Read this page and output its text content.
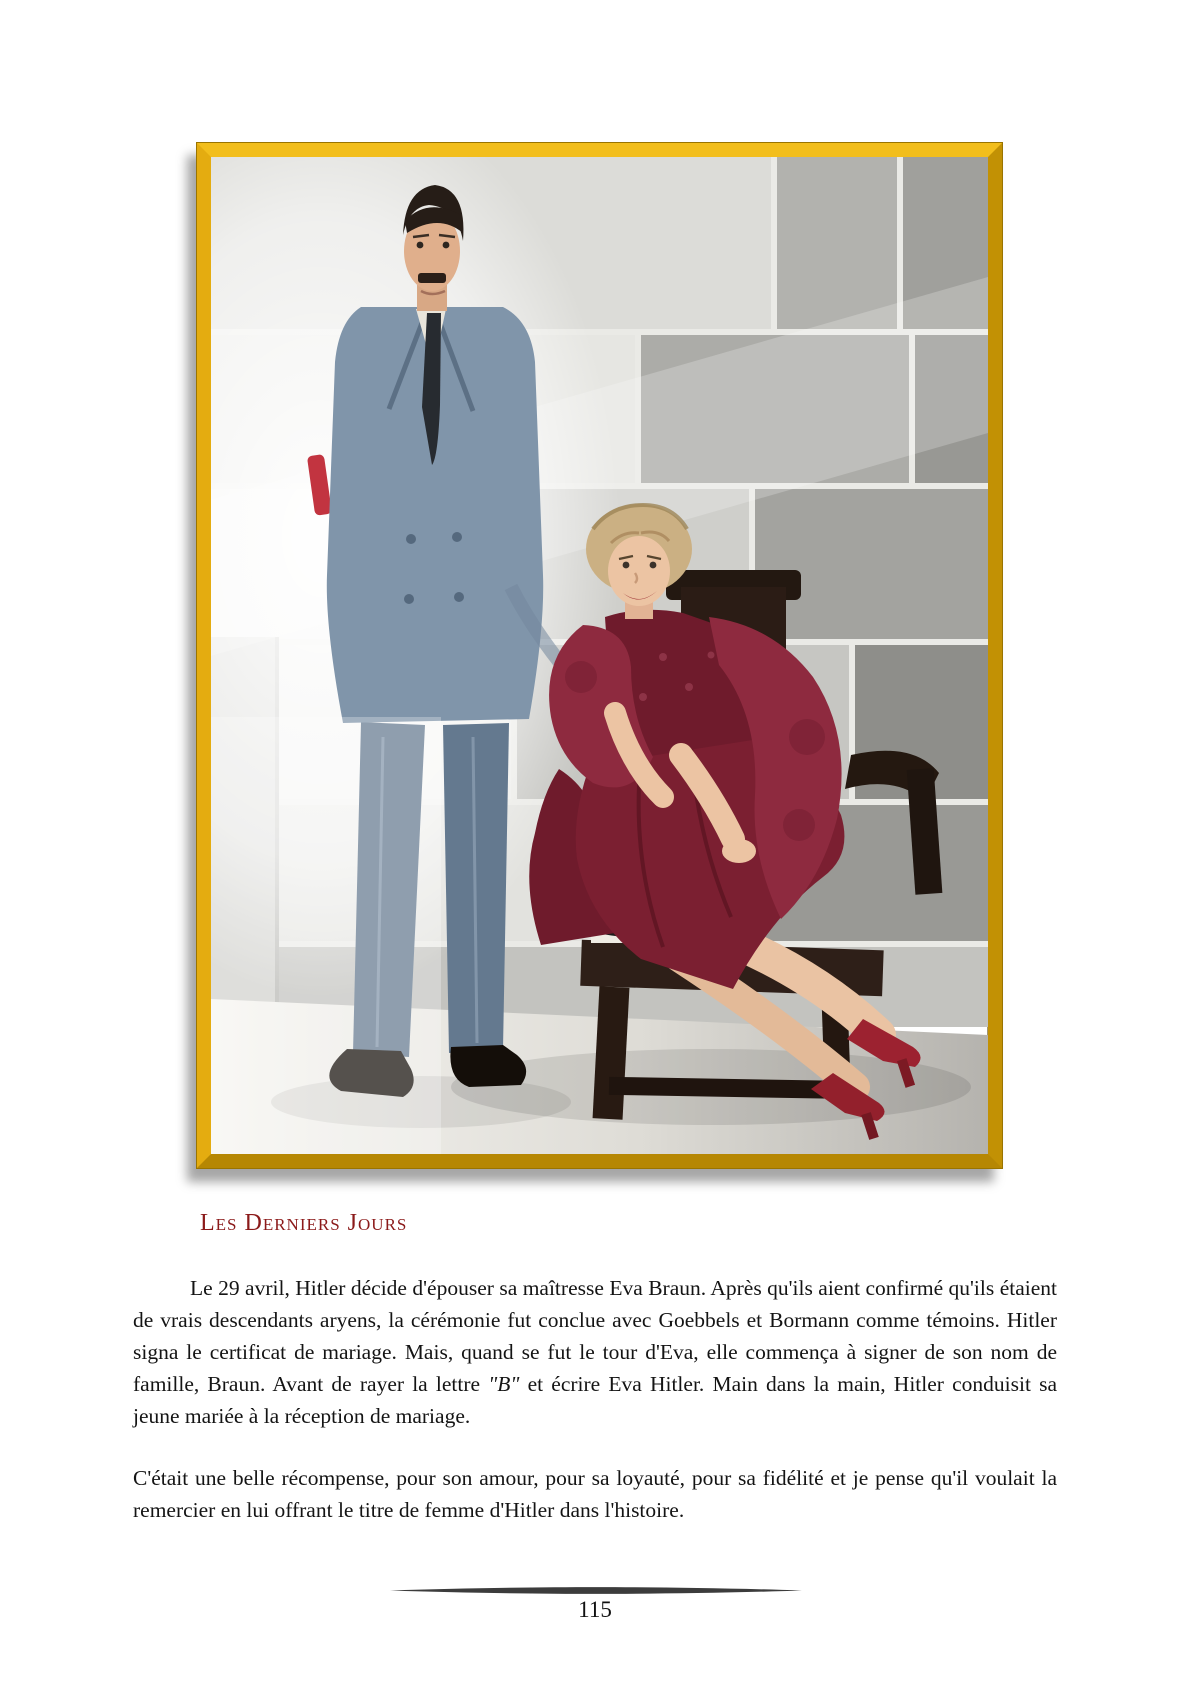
Les Derniers Jours

Le 29 avril, Hitler décide d'épouser sa maîtresse Eva Braun. Après qu'ils aient confirmé qu'ils étaient de vrais descendants aryens, la cérémonie fut conclue avec Goebbels et Bormann comme témoins. Hitler signa le certificat de mariage. Mais, quand se fut le tour d'Eva, elle commença à signer de son nom de famille, Braun. Avant de rayer la lettre "B" et écrire Eva Hitler. Main dans la main, Hitler conduisit sa jeune mariée à la réception de mariage.

C'était une belle récompense, pour son amour, pour sa loyauté, pour sa fidélité et je pense qu'il voulait la remercier en lui offrant le titre de femme d'Hitler dans l'histoire.

115
